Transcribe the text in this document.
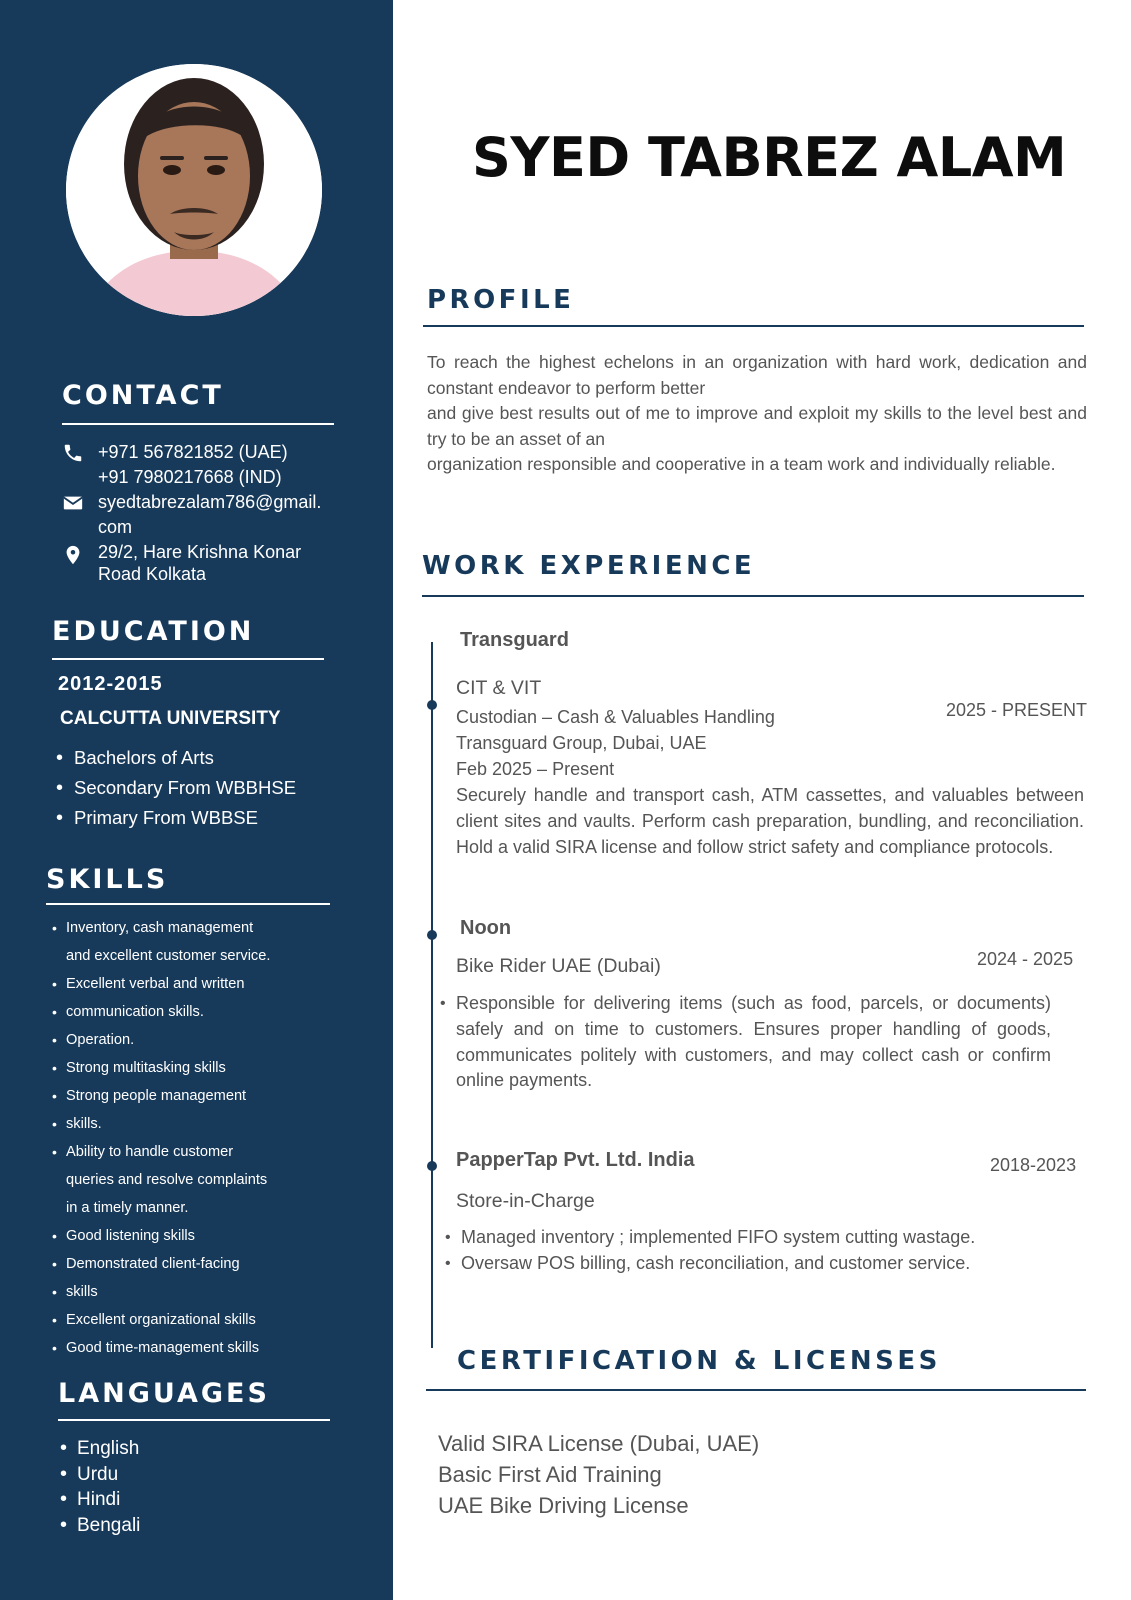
CONTACT
+971 567821852 (UAE)
+91 7980217668 (IND)
syedtabrezalam786@gmail.
com
29/2, Hare Krishna Konar
Road Kolkata
EDUCATION
2012-2015
CALCUTTA UNIVERSITY
• Bachelors of Arts
• Secondary From WBBHSE
• Primary From WBBSE
SKILLS
• Inventory, cash management
and excellent customer service.
• Excellent verbal and written
• communication skills.
• Operation.
• Strong multitasking skills
• Strong people management
• skills.
• Ability to handle customer
queries and resolve complaints
in a timely manner.
• Good listening skills
• Demonstrated client-facing
• skills
• Excellent organizational skills
• Good time-management skills
LANGUAGES
• English
• Urdu
• Hindi
• Bengali
SYED TABREZ ALAM
PROFILE

To reach the highest echelons in an organization with hard work, dedication and constant endeavor to perform better

and give best results out of me to improve and exploit my skills to the level best and try to be an asset of an

organization responsible and cooperative in a team work and individually reliable.

WORK EXPERIENCE
Transguard
CIT & VIT
2025 - PRESENT
Custodian – Cash & Valuables Handling
Transguard Group, Dubai, UAE
Feb 2025 – Present
Securely handle and transport cash, ATM cassettes, and valuables between client sites and vaults. Perform cash preparation, bundling, and reconciliation. Hold a valid SIRA license and follow strict safety and compliance protocols.
Noon
2024 - 2025
Bike Rider UAE (Dubai)
• Responsible for delivering items (such as food, parcels, or documents) safely and on time to customers. Ensures proper handling of goods, communicates politely with customers, and may collect cash or confirm online payments.
PapperTap Pvt. Ltd. India	2018-2023
Store-in-Charge
• Managed inventory ; implemented FIFO system cutting wastage.
• Oversaw POS billing, cash reconciliation, and customer service.
CERTIFICATION & LICENSES
Valid SIRA License (Dubai, UAE)
Basic First Aid Training
UAE Bike Driving License
